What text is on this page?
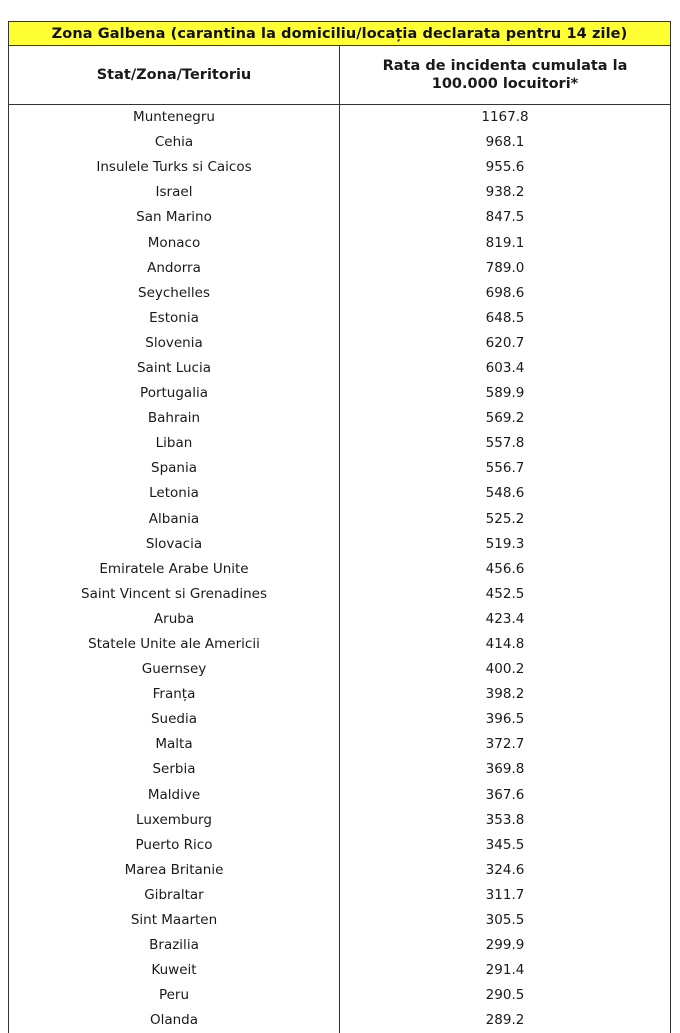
Zona Galbena (carantina la domiciliu/locația declarata pentru 14 zile)	
Stat/Zona/Teritoriu	Rata de incidenta cumulata la
100.000 locuitori*

Muntenegru	1167.8
Cehia	968.1
Insulele Turks si Caicos	955.6
Israel	938.2
San Marino	847.5
Monaco	819.1
Andorra	789.0
Seychelles	698.6
Estonia	648.5
Slovenia	620.7
Saint Lucia	603.4
Portugalia	589.9
Bahrain	569.2
Liban	557.8
Spania	556.7
Letonia	548.6
Albania	525.2
Slovacia	519.3
Emiratele Arabe Unite	456.6
Saint Vincent si Grenadines	452.5
Aruba	423.4
Statele Unite ale Americii	414.8
Guernsey	400.2
Franța	398.2
Suedia	396.5
Malta	372.7
Serbia	369.8
Maldive	367.6
Luxemburg	353.8
Puerto Rico	345.5
Marea Britanie	324.6
Gibraltar	311.7
Sint Maarten	305.5
Brazilia	299.9
Kuweit	291.4
Peru	290.5
Olanda	289.2
